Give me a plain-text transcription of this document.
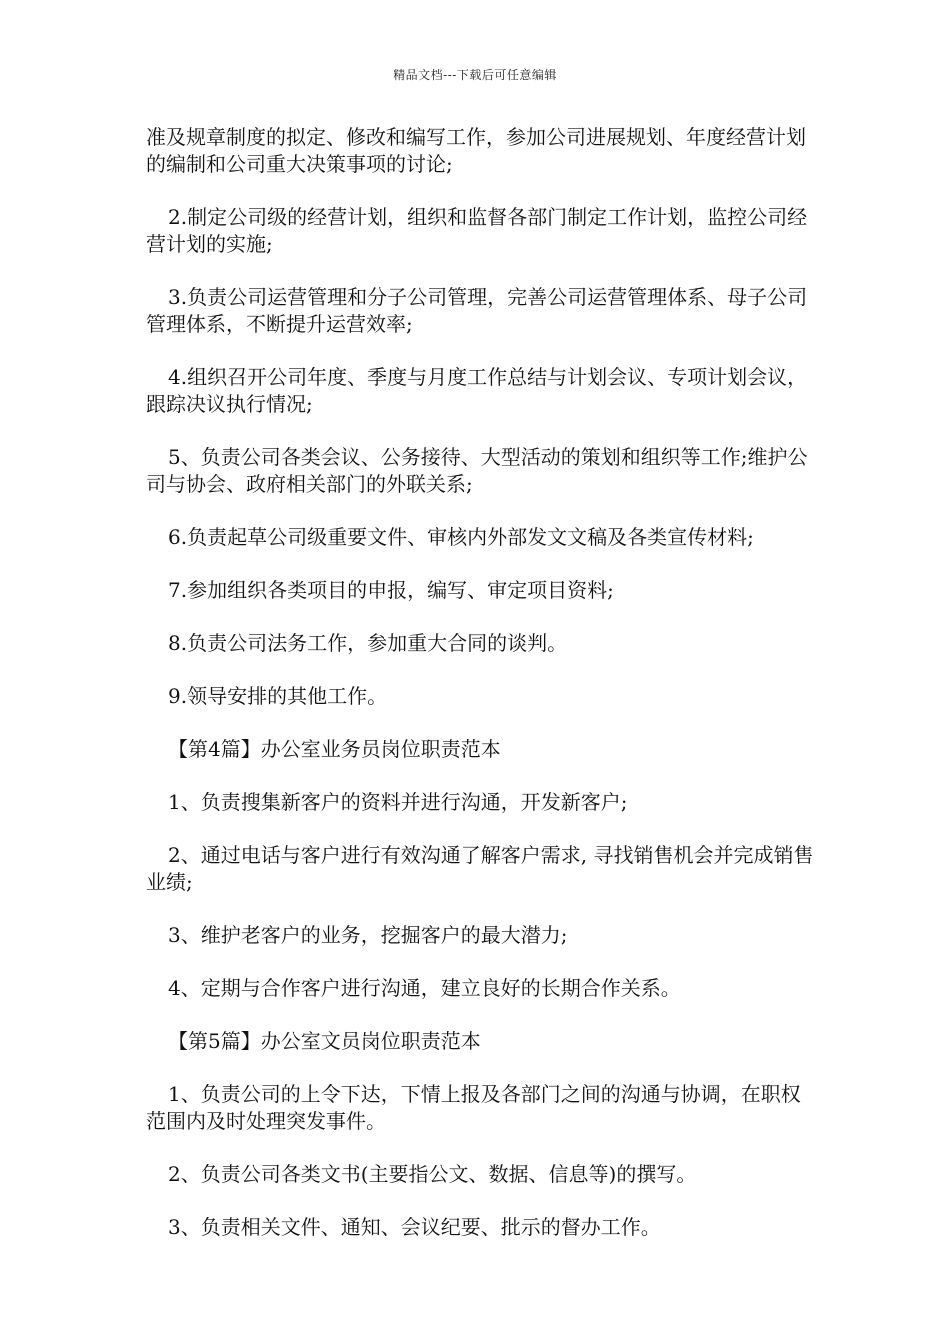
精品文档---下载后可任意编辑

准及规章制度的拟定、修改和编写工作，参加公司进展规划、年度经营计划的编制和公司重大决策事项的讨论;

2.制定公司级的经营计划，组织和监督各部门制定工作计划，监控公司经营计划的实施;

3.负责公司运营管理和分子公司管理，完善公司运营管理体系、母子公司管理体系，不断提升运营效率;

4.组织召开公司年度、季度与月度工作总结与计划会议、专项计划会议，跟踪决议执行情况;

5、负责公司各类会议、公务接待、大型活动的策划和组织等工作;维护公司与协会、政府相关部门的外联关系;

6.负责起草公司级重要文件、审核内外部发文文稿及各类宣传材料;

7.参加组织各类项目的申报，编写、审定项目资料;

8.负责公司法务工作，参加重大合同的谈判。

9.领导安排的其他工作。

【第4篇】办公室业务员岗位职责范本

1、负责搜集新客户的资料并进行沟通，开发新客户;

2、通过电话与客户进行有效沟通了解客户需求, 寻找销售机会并完成销售业绩;

3、维护老客户的业务，挖掘客户的最大潜力;

4、定期与合作客户进行沟通，建立良好的长期合作关系。

【第5篇】办公室文员岗位职责范本

1、负责公司的上令下达，下情上报及各部门之间的沟通与协调，在职权范围内及时处理突发事件。

2、负责公司各类文书(主要指公文、数据、信息等)的撰写。

3、负责相关文件、通知、会议纪要、批示的督办工作。
